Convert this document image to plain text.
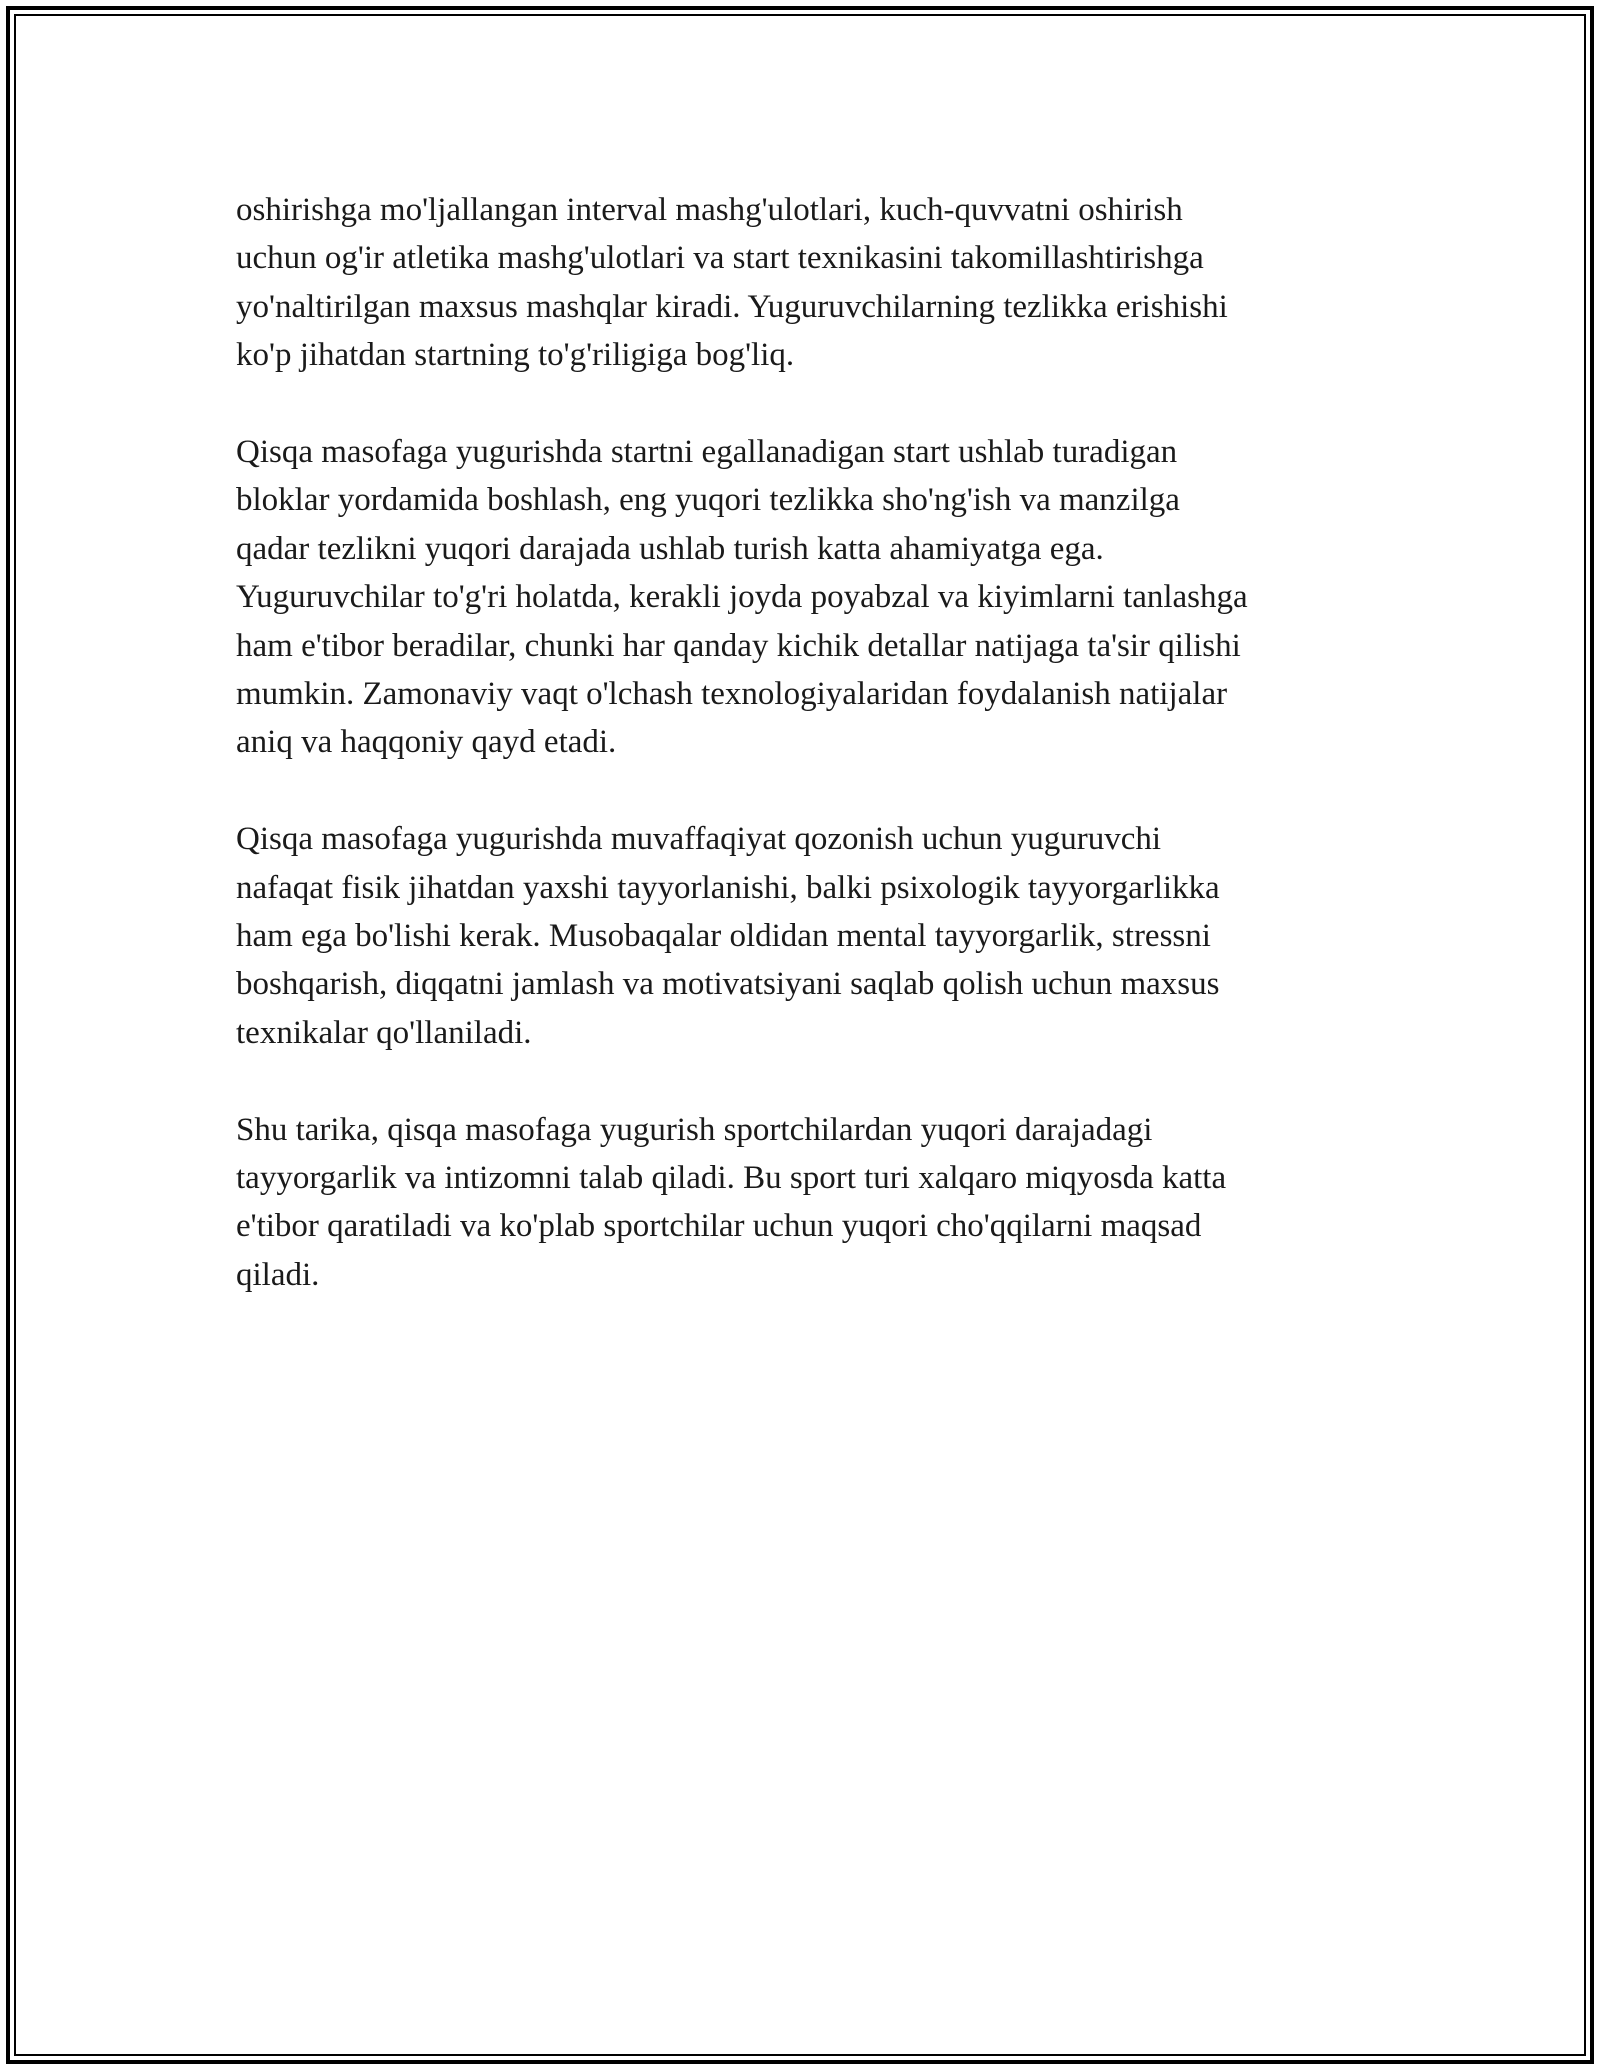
oshirishga mo'ljallangan interval mashg'ulotlari, kuch-quvvatni oshirish
uchun og'ir atletika mashg'ulotlari va start texnikasini takomillashtirishga
yo'naltirilgan maxsus mashqlar kiradi. Yuguruvchilarning tezlikka erishishi
ko'p jihatdan startning to'g'riligiga bog'liq.

Qisqa masofaga yugurishda startni egallanadigan start ushlab turadigan
bloklar yordamida boshlash, eng yuqori tezlikka sho'ng'ish va manzilga
qadar tezlikni yuqori darajada ushlab turish katta ahamiyatga ega.
Yuguruvchilar to'g'ri holatda, kerakli joyda poyabzal va kiyimlarni tanlashga
ham e'tibor beradilar, chunki har qanday kichik detallar natijaga ta'sir qilishi
mumkin. Zamonaviy vaqt o'lchash texnologiyalaridan foydalanish natijalar
aniq va haqqoniy qayd etadi.

Qisqa masofaga yugurishda muvaffaqiyat qozonish uchun yuguruvchi
nafaqat fisik jihatdan yaxshi tayyorlanishi, balki psixologik tayyorgarlikka
ham ega bo'lishi kerak. Musobaqalar oldidan mental tayyorgarlik, stressni
boshqarish, diqqatni jamlash va motivatsiyani saqlab qolish uchun maxsus
texnikalar qo'llaniladi.

Shu tarika, qisqa masofaga yugurish sportchilardan yuqori darajadagi
tayyorgarlik va intizomni talab qiladi. Bu sport turi xalqaro miqyosda katta
e'tibor qaratiladi va ko'plab sportchilar uchun yuqori cho'qqilarni maqsad
qiladi.
